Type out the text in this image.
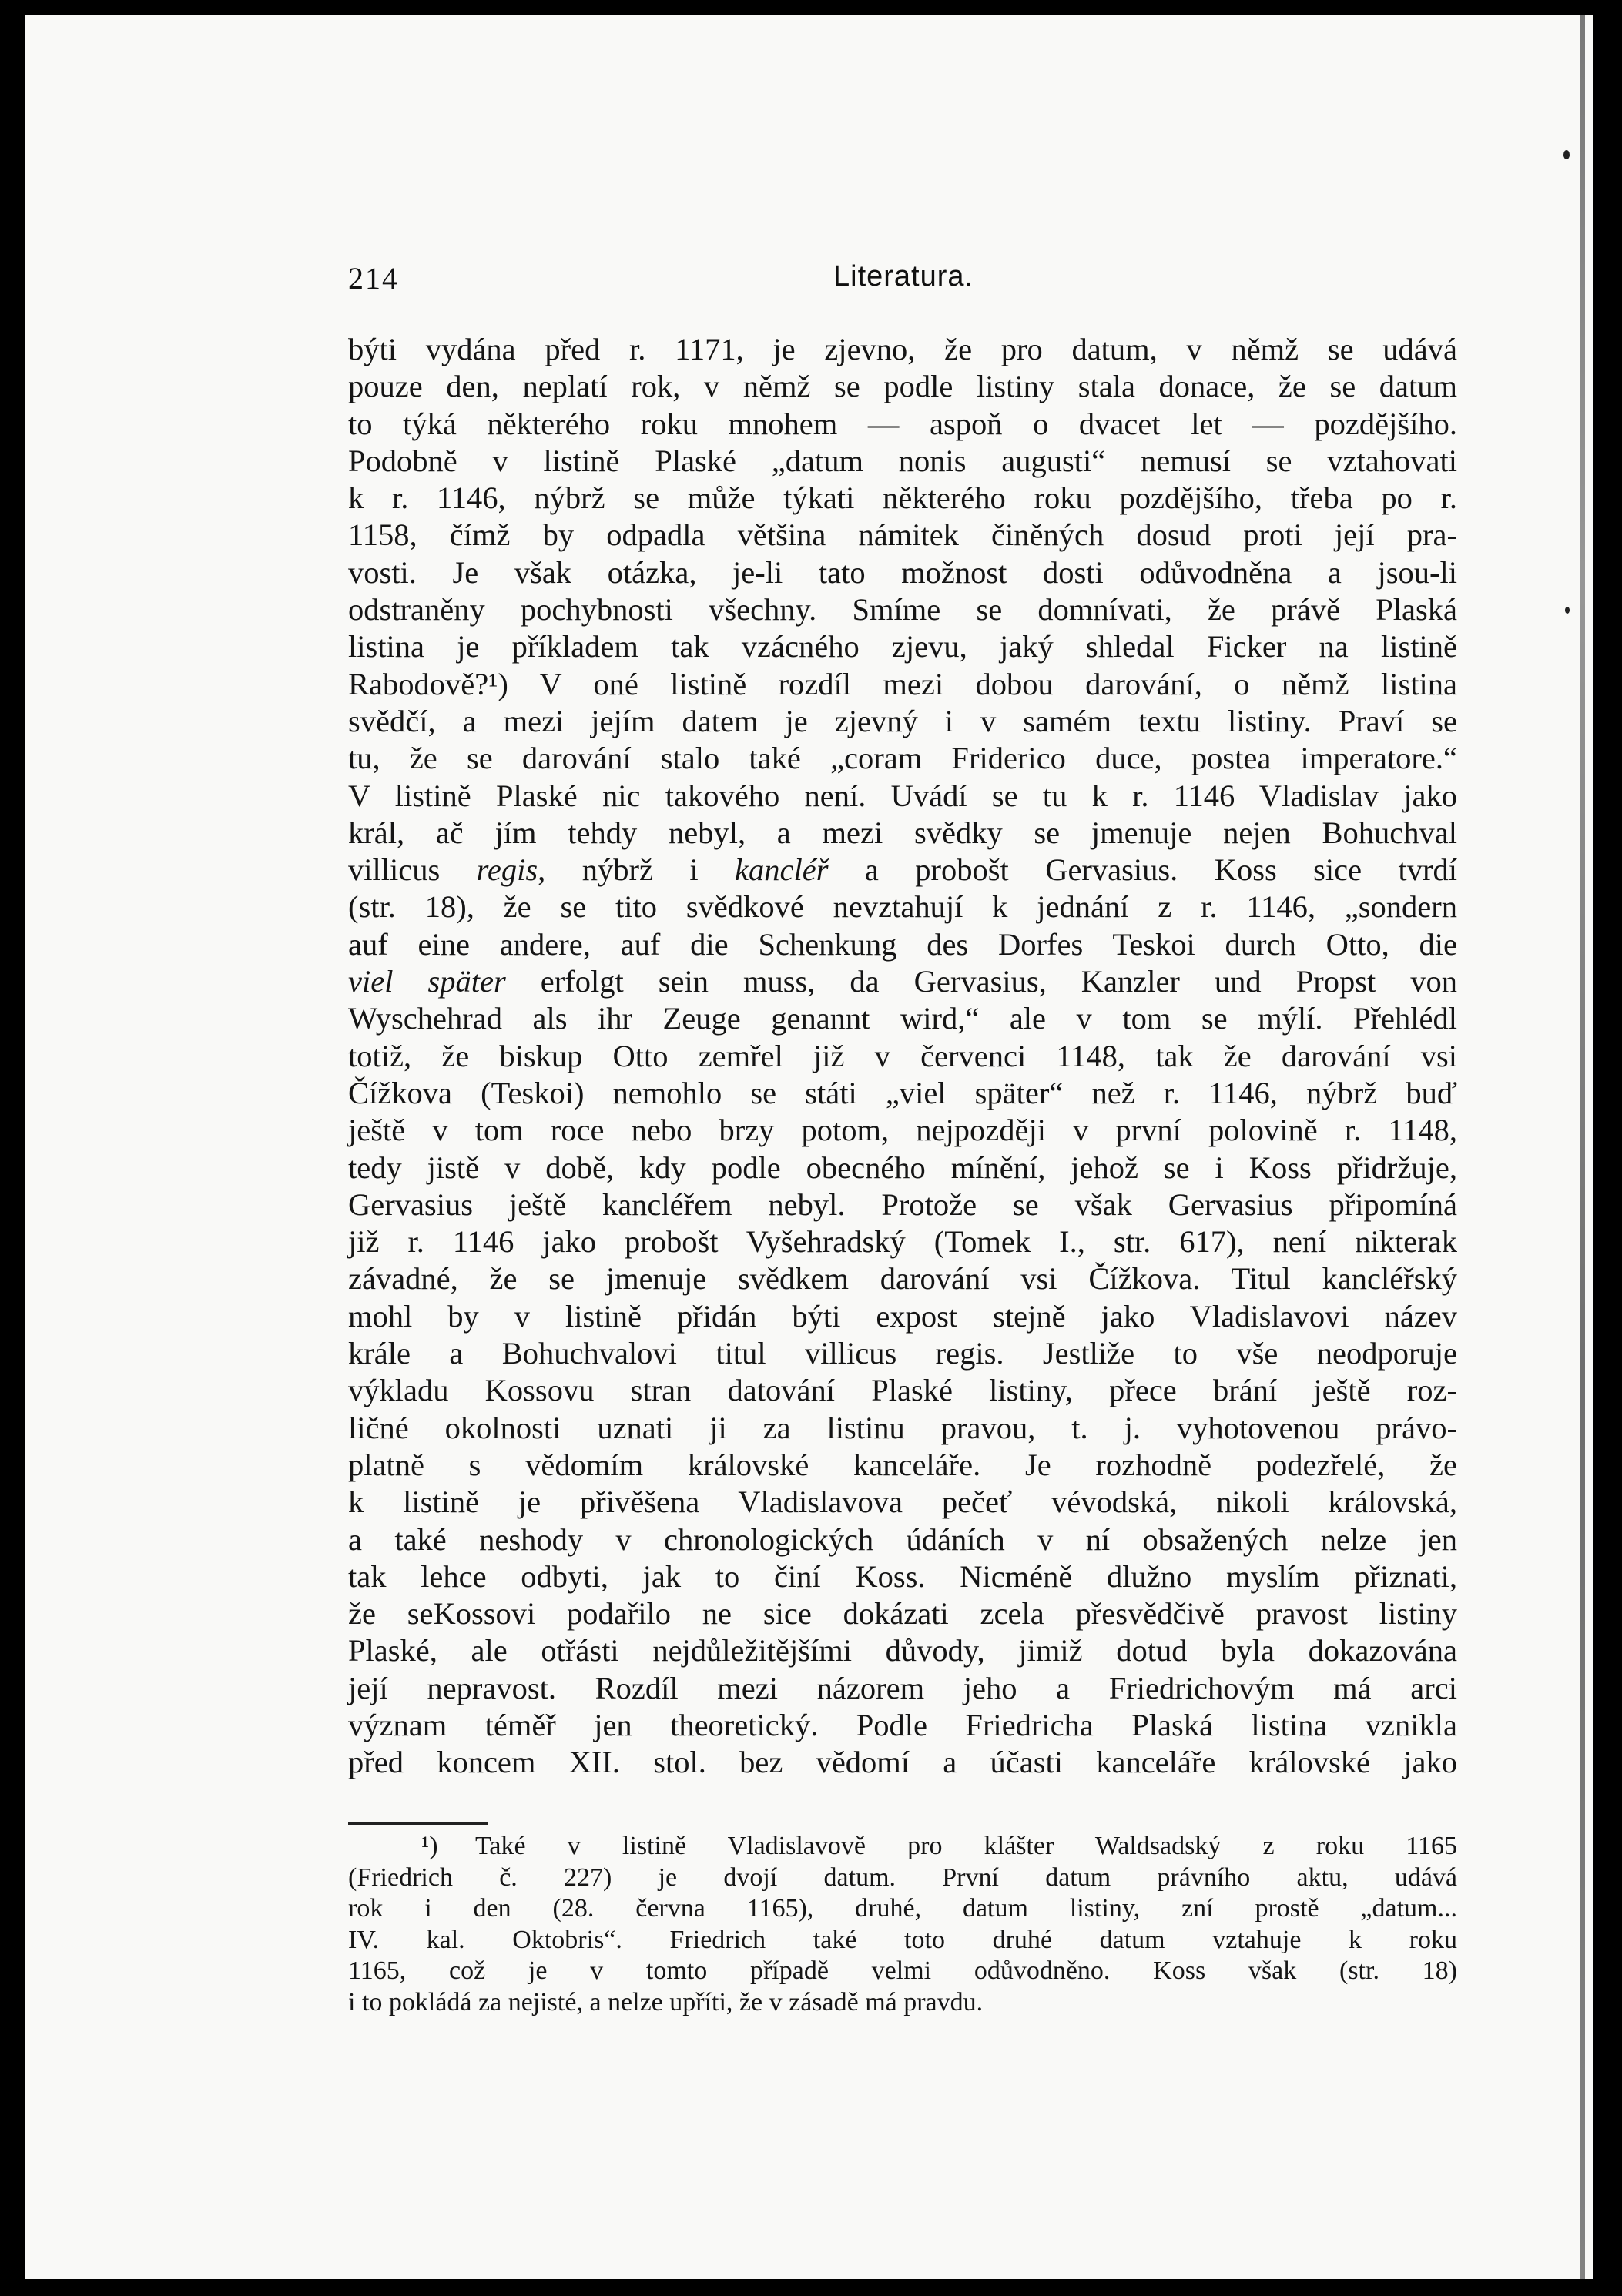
214	Literatura.
býti vydána před r. 1171, je zjevno, že pro datum, v němž se udává
pouze den, neplatí rok, v němž se podle listiny stala donace, že se datum
to týká některého roku mnohem — aspoň o dvacet let — pozdějšího.
Podobně v listině Plaské „datum nonis augusti“ nemusí se vztahovati
k r. 1146, nýbrž se může týkati některého roku pozdějšího, třeba po r.
1158, čímž by odpadla většina námitek činěných dosud proti její pra-
vosti. Je však otázka, je-li tato možnost dosti odůvodněna a jsou-li
odstraněny pochybnosti všechny. Smíme se domnívati, že právě Plaská
listina je příkladem tak vzácného zjevu, jaký shledal Ficker na listině
Rabodově?¹) V oné listině rozdíl mezi dobou darování, o němž listina
svědčí, a mezi jejím datem je zjevný i v samém textu listiny. Praví se
tu, že se darování stalo také „coram Friderico duce, postea imperatore.“
V listině Plaské nic takového není. Uvádí se tu k r. 1146 Vladislav jako
král, ač jím tehdy nebyl, a mezi svědky se jmenuje nejen Bohuchval
villicus regis, nýbrž i kancléř a probošt Gervasius. Koss sice tvrdí
(str. 18), že se tito svědkové nevztahují k jednání z r. 1146, „sondern
auf eine andere, auf die Schenkung des Dorfes Teskoi durch Otto, die
viel später erfolgt sein muss, da Gervasius, Kanzler und Propst von
Wyschehrad als ihr Zeuge genannt wird,“ ale v tom se mýlí. Přehlédl
totiž, že biskup Otto zemřel již v červenci 1148, tak že darování vsi
Čížkova (Teskoi) nemohlo se státi „viel später“ než r. 1146, nýbrž buď
ještě v tom roce nebo brzy potom, nejpozději v první polovině r. 1148,
tedy jistě v době, kdy podle obecného mínění, jehož se i Koss přidržuje,
Gervasius ještě kancléřem nebyl. Protože se však Gervasius připomíná
již r. 1146 jako probošt Vyšehradský (Tomek I., str. 617), není nikterak
závadné, že se jmenuje svědkem darování vsi Čížkova. Titul kancléřský
mohl by v listině přidán býti expost stejně jako Vladislavovi název
krále a Bohuchvalovi titul villicus regis. Jestliže to vše neodporuje
výkladu Kossovu stran datování Plaské listiny, přece brání ještě roz-
ličné okolnosti uznati ji za listinu pravou, t. j. vyhotovenou právo-
platně s vědomím královské kanceláře. Je rozhodně podezřelé, že
k listině je přivěšena Vladislavova pečeť vévodská, nikoli královská,
a také neshody v chronologických údáních v ní obsažených nelze jen
tak lehce odbyti, jak to činí Koss. Nicméně dlužno myslím přiznati,
že seKossovi podařilo ne sice dokázati zcela přesvědčivě pravost listiny
Plaské, ale otřásti nejdůležitějšími důvody, jimiž dotud byla dokazována
její nepravost. Rozdíl mezi názorem jeho a Friedrichovým má arci
význam téměř jen theoretický. Podle Friedricha Plaská listina vznikla
před koncem XII. stol. bez vědomí a účasti kanceláře královské jako
¹)	Také v listině Vladislavově pro klášter Waldsadský z roku 1165
(Friedrich č. 227) je dvojí datum. První datum právního aktu, udává
rok i den (28. června 1165), druhé, datum listiny, zní prostě „datum...
IV. kal. Oktobris“. Friedrich také toto druhé datum vztahuje k roku
1165, což je v tomto případě velmi odůvodněno. Koss však (str. 18)
i to pokládá za nejisté, a nelze upříti, že v zásadě má pravdu.
